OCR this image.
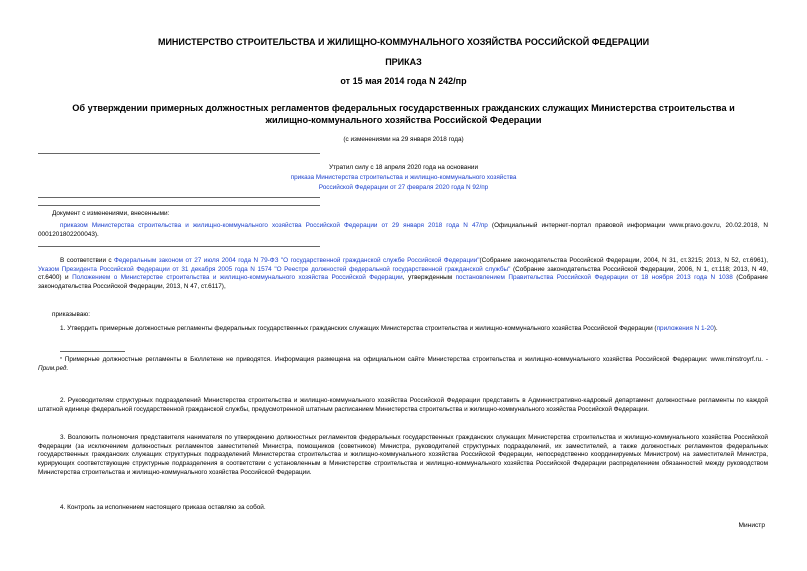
МИНИСТЕРСТВО СТРОИТЕЛЬСТВА И ЖИЛИЩНО-КОММУНАЛЬНОГО ХОЗЯЙСТВА РОССИЙСКОЙ ФЕДЕРАЦИИ
ПРИКАЗ
от 15 мая 2014 года N 242/пр
Об утверждении примерных должностных регламентов федеральных государственных гражданских служащих Министерства строительства и жилищно-коммунального хозяйства Российской Федерации
(с изменениями на 29 января 2018 года)
Утратил силу с 18 апреля 2020 года на основании
приказа Министерства строительства и жилищно-коммунального хозяйства
Российской Федерации от 27 февраля 2020 года N 92/пр
Документ с изменениями, внесенными:
приказом Министерства строительства и жилищно-коммунального хозяйства Российской Федерации от 29 января 2018 года N 47/пр (Официальный интернет-портал правовой информации www.pravo.gov.ru, 20.02.2018, N 0001201802200043).
В соответствии с Федеральным законом от 27 июля 2004 года N 79-ФЗ "О государственной гражданской службе Российской Федерации"(Собрание законодательства Российской Федерации, 2004, N 31, ст.3215; 2013, N 52, ст.6961), Указом Президента Российской Федерации от 31 декабря 2005 года N 1574 "О Реестре должностей федеральной государственной гражданской службы" (Собрание законодательства Российской Федерации, 2006, N 1, ст.118; 2013, N 49, ст.6400) и Положением о Министерстве строительства и жилищно-коммунального хозяйства Российской Федерации, утвержденным постановлением Правительства Российской Федерации от 18 ноября 2013 года N 1038 (Собрание законодательства Российской Федерации, 2013, N 47, ст.6117),
приказываю:
1. Утвердить примерные должностные регламенты федеральных государственных гражданских служащих Министерства строительства и жилищно-коммунального хозяйства Российской Федерации (приложения N 1-20).
* Примерные должностные регламенты в Бюллетене не приводятся. Информация размещена на официальном сайте Министерства строительства и жилищно-коммунального хозяйства Российской Федерации: www.minstroyrf.ru. - Прим.ред.
2. Руководителям структурных подразделений Министерства строительства и жилищно-коммунального хозяйства Российской Федерации представить в Административно-кадровый департамент должностные регламенты по каждой штатной единице федеральной государственной гражданской службы, предусмотренной штатным расписанием Министерства строительства и жилищно-коммунального хозяйства Российской Федерации.
3. Возложить полномочия представителя нанимателя по утверждению должностных регламентов федеральных государственных гражданских служащих Министерства строительства и жилищно-коммунального хозяйства Российской Федерации (за исключением должностных регламентов заместителей Министра, помощников (советников) Министра, руководителей структурных подразделений, их заместителей, а также должностных регламентов федеральных государственных гражданских служащих структурных подразделений Министерства строительства и жилищно-коммунального хозяйства Российской Федерации, непосредственно координируемых Министром) на заместителей Министра, курирующих соответствующие структурные подразделения в соответствии с установленным в Министерстве строительства и жилищно-коммунального хозяйства Российской Федерации распределением обязанностей между руководством Министерства строительства и жилищно-коммунального хозяйства Российской Федерации.
4. Контроль за исполнением настоящего приказа оставляю за собой.
Министр
